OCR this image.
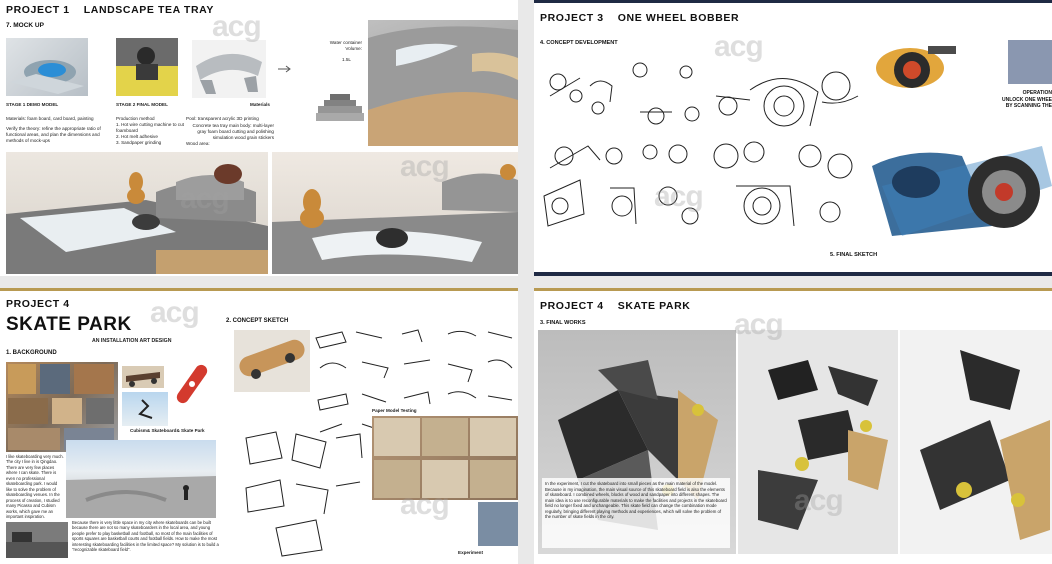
PROJECT 1 LANDSCAPE TEA TRAY
7. MOCK UP
Water container Volume:
1.5L
STAGE 1 DEMO MODEL
Materials: foam board, card board, painting
Verify the theory: refine the appropriate ratio of functional areas, and plan the dimensions and methods of mock-ups
STAGE 2 FINAL MODEL
Production method
1. Hot wire cutting machine to cut foamboard
2. Hot melt adhesive
3. Sandpaper grinding
Materials
Pool: transparent acrylic 3D printing
Concrete tea tray main body: multi-layer gray foam board cutting and polishing simulation wood grain stickers
Wood area:
acg
acg
acg
PROJECT 3 ONE WHEEL BOBBER
4. CONCEPT DEVELOPMENT
OPERATION
UNLOCK ONE WHEE
BY SCANNING THE
5. FINAL SKETCH
acg
acg
PROJECT 4
SKATE PARK
AN INSTALLATION ART DESIGN
1. BACKGROUND
Cubism& Skateboard& Skate Park
I like skateboarding very much. The city I live in is Qingdao. There are very few places where I can skate. There is even no professional skateboarding park. I would like to solve the problem of skateboarding venues. In the process of creation, I studied many Picasso and Cubism works, which gave me an important inspiration.
Because there is very little space in my city where skateboards can be built because there are not so many skateboarders in the local area, and young people prefer to play basketball and football, so most of the main facilities of sports squares are basketball courts and football fields. How to make the most interesting skateboarding facilities in the limited space? My solution is to build a "recognizable skateboard field".
2. CONCEPT SKETCH
Paper Model Testing
Experiment
acg
acg
PROJECT 4 SKATE PARK
3. FINAL WORKS
In the experiment, I cut the skateboard into small pieces as the main material of the model. Because in my imagination, the main visual source of this skateboard field is also the elements of skateboard. I combined wheels, blocks of wood and sandpaper into different shapes. The main idea is to use reconfigurable materials to make the facilities and projects in the skateboard field no longer fixed and unchangeable. This skate field can change the combination mode regularly, bringing different playing methods and experiences, which will solve the problem of the number of skate fields in the city.
acg
acg
